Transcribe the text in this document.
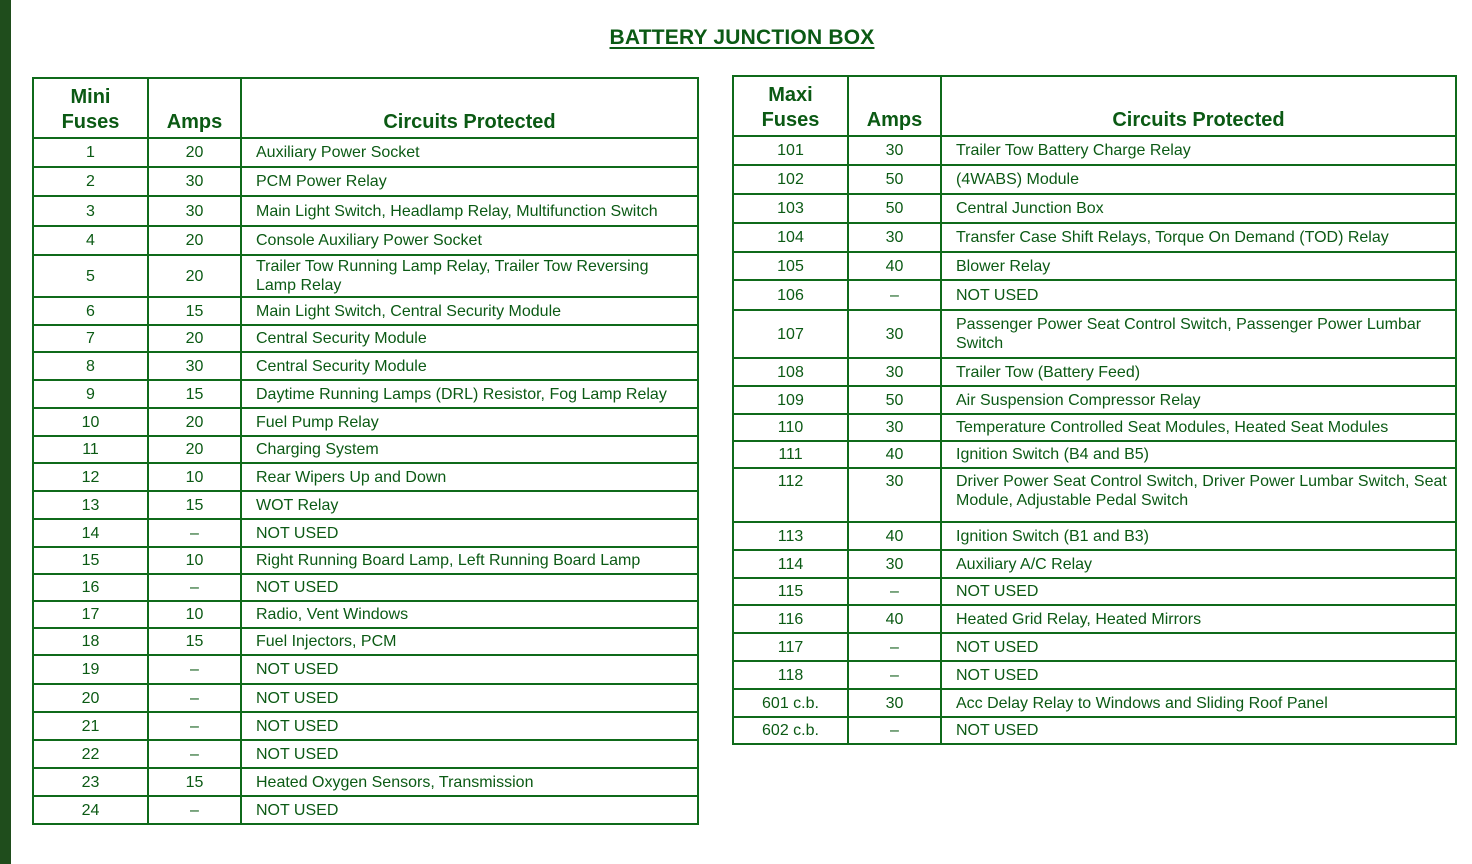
BATTERY JUNCTION BOX
Mini
Fuses	Amps	Circuits Protected
1	20	Auxiliary Power Socket
2	30	PCM Power Relay
3	30	Main Light Switch, Headlamp Relay, Multifunction Switch
4	20	Console Auxiliary Power Socket
5	20	Trailer Tow Running Lamp Relay, Trailer Tow Reversing Lamp Relay
6	15	Main Light Switch, Central Security Module
7	20	Central Security Module
8	30	Central Security Module
9	15	Daytime Running Lamps (DRL) Resistor, Fog Lamp Relay
10	20	Fuel Pump Relay
11	20	Charging System
12	10	Rear Wipers Up and Down
13	15	WOT Relay
14	–	NOT USED
15	10	Right Running Board Lamp, Left Running Board Lamp
16	–	NOT USED
17	10	Radio, Vent Windows
18	15	Fuel Injectors, PCM
19	–	NOT USED
20	–	NOT USED
21	–	NOT USED
22	–	NOT USED
23	15	Heated Oxygen Sensors, Transmission
24	–	NOT USED
Maxi
Fuses	Amps	Circuits Protected
101	30	Trailer Tow Battery Charge Relay
102	50	(4WABS) Module
103	50	Central Junction Box
104	30	Transfer Case Shift Relays, Torque On Demand (TOD) Relay
105	40	Blower Relay
106	–	NOT USED
107	30	Passenger Power Seat Control Switch, Passenger Power Lumbar Switch
108	30	Trailer Tow (Battery Feed)
109	50	Air Suspension Compressor Relay
110	30	Temperature Controlled Seat Modules, Heated Seat Modules
111	40	Ignition Switch (B4 and B5)
112	30	Driver Power Seat Control Switch, Driver Power Lumbar Switch, Seat Module, Adjustable Pedal Switch
113	40	Ignition Switch (B1 and B3)
114	30	Auxiliary A/C Relay
115	–	NOT USED
116	40	Heated Grid Relay, Heated Mirrors
117	–	NOT USED
118	–	NOT USED
601 c.b.	30	Acc Delay Relay to Windows and Sliding Roof Panel
602 c.b.	–	NOT USED
